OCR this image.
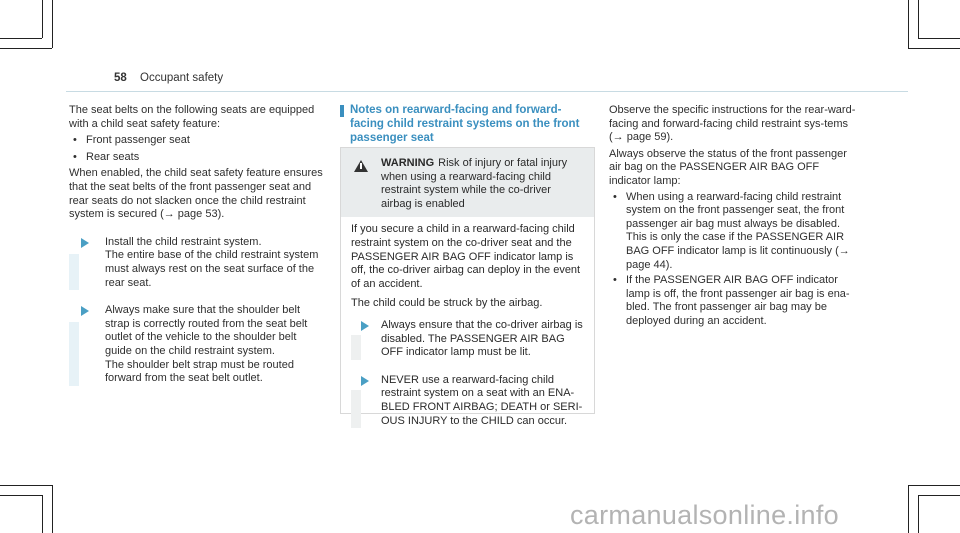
58 Occupant safety

The seat belts on the following seats are equipped with a child seat safety feature:

• Front passenger seat

• Rear seats

When enabled, the child seat safety feature ensures that the seat belts of the front passenger seat and rear seats do not slacken once the child restraint system is secured (→ page 53).

Install the child restraint system.

The entire base of the child restraint system must always rest on the seat surface of the rear seat.

Always make sure that the shoulder belt strap is correctly routed from the seat belt outlet of the vehicle to the shoulder belt guide on the child restraint system.

The shoulder belt strap must be routed forward from the seat belt outlet.

Notes on rearward-facing and forward-facing child restraint systems on the front passenger seat
WARNING Risk of injury or fatal injury when using a rearward-facing child restraint system while the co-driver airbag is enabled

If you secure a child in a rearward-facing child restraint system on the co-driver seat and the PASSENGER AIR BAG OFF indicator lamp is off, the co-driver airbag can deploy in the event of an accident.

The child could be struck by the airbag.

Always ensure that the co-driver airbag is disabled. The PASSENGER AIR BAG OFF indicator lamp must be lit.

NEVER use a rearward-facing child restraint system on a seat with an ENA-BLED FRONT AIRBAG; DEATH or SERI-OUS INJURY to the CHILD can occur.

Observe the specific instructions for the rear-ward-facing and forward-facing child restraint sys-tems (→ page 59).

Always observe the status of the front passenger air bag on the PASSENGER AIR BAG OFF indicator lamp:

• When using a rearward-facing child restraint system on the front passenger seat, the front passenger air bag must always be disabled. This is only the case if the PASSENGER AIR BAG OFF indicator lamp is lit continuously (→ page 44).

• If the PASSENGER AIR BAG OFF indicator lamp is off, the front passenger air bag is ena-bled. The front passenger air bag may be deployed during an accident.

carmanualsonline.info
